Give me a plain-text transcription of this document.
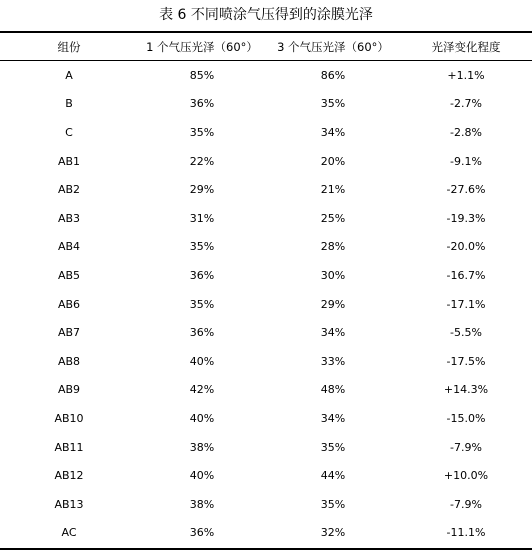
表 6 不同喷涂气压得到的涂膜光泽
组份	1 个气压光泽（60°）	3 个气压光泽（60°）	光泽变化程度
A	85%	86%	+1.1%
B	36%	35%	-2.7%
C	35%	34%	-2.8%
AB1	22%	20%	-9.1%
AB2	29%	21%	-27.6%
AB3	31%	25%	-19.3%
AB4	35%	28%	-20.0%
AB5	36%	30%	-16.7%
AB6	35%	29%	-17.1%
AB7	36%	34%	-5.5%
AB8	40%	33%	-17.5%
AB9	42%	48%	+14.3%
AB10	40%	34%	-15.0%
AB11	38%	35%	-7.9%
AB12	40%	44%	+10.0%
AB13	38%	35%	-7.9%
AC	36%	32%	-11.1%
